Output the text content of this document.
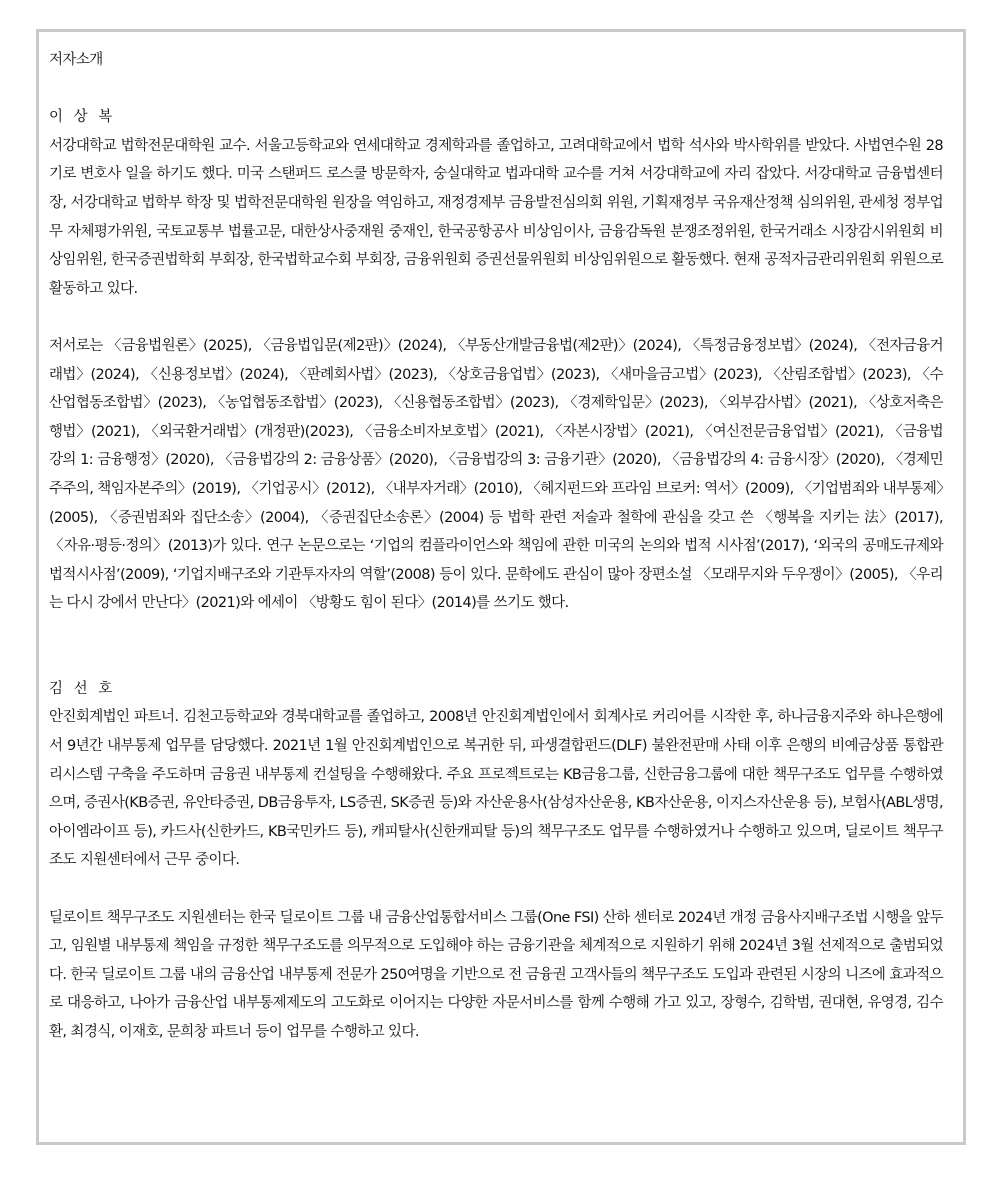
저자소개

이 상 복

서강대학교 법학전문대학원 교수. 서울고등학교와 연세대학교 경제학과를 졸업하고, 고려대학교에서 법학 석사와 박사학위를 받았다. 사법연수원 28기로 변호사 일을 하기도 했다. 미국 스탠퍼드 로스쿨 방문학자, 숭실대학교 법과대학 교수를 거쳐 서강대학교에 자리 잡았다. 서강대학교 금융법센터장, 서강대학교 법학부 학장 및 법학전문대학원 원장을 역임하고, 재정경제부 금융발전심의회 위원, 기획재정부 국유재산정책 심의위원, 관세청 정부업무 자체평가위원, 국토교통부 법률고문, 대한상사중재원 중재인, 한국공항공사 비상임이사, 금융감독원 분쟁조정위원, 한국거래소 시장감시위원회 비상임위원, 한국증권법학회 부회장, 한국법학교수회 부회장, 금융위원회 증권선물위원회 비상임위원으로 활동했다. 현재 공적자금관리위원회 위원으로 활동하고 있다.

저서로는 〈금융법원론〉(2025), 〈금융법입문(제2판)〉(2024), 〈부동산개발금융법(제2판)〉(2024), 〈특정금융정보법〉(2024), 〈전자금융거래법〉(2024), 〈신용정보법〉(2024), 〈판례회사법〉(2023), 〈상호금융업법〉(2023), 〈새마을금고법〉(2023), 〈산림조합법〉(2023), 〈수산업협동조합법〉(2023), 〈농업협동조합법〉(2023), 〈신용협동조합법〉(2023), 〈경제학입문〉(2023), 〈외부감사법〉(2021), 〈상호저축은행법〉(2021), 〈외국환거래법〉(개정판)(2023), 〈금융소비자보호법〉(2021), 〈자본시장법〉(2021), 〈여신전문금융업법〉(2021), 〈금융법강의 1: 금융행정〉(2020), 〈금융법강의 2: 금융상품〉(2020), 〈금융법강의 3: 금융기관〉(2020), 〈금융법강의 4: 금융시장〉(2020), 〈경제민주주의, 책임자본주의〉(2019), 〈기업공시〉(2012), 〈내부자거래〉(2010), 〈헤지펀드와 프라임 브로커: 역서〉(2009), 〈기업범죄와 내부통제〉(2005), 〈증권범죄와 집단소송〉(2004), 〈증권집단소송론〉(2004) 등 법학 관련 저술과 철학에 관심을 갖고 쓴 〈행복을 지키는 法〉(2017), 〈자유·평등·정의〉(2013)가 있다. 연구 논문으로는 ‘기업의 컴플라이언스와 책임에 관한 미국의 논의와 법적 시사점’(2017), ‘외국의 공매도규제와 법적시사점’(2009), ‘기업지배구조와 기관투자자의 역할’(2008) 등이 있다. 문학에도 관심이 많아 장편소설 〈모래무지와 두우쟁이〉(2005), 〈우리는 다시 강에서 만난다〉(2021)와 에세이 〈방황도 힘이 된다〉(2014)를 쓰기도 했다.

김 선 호

안진회계법인 파트너. 김천고등학교와 경북대학교를 졸업하고, 2008년 안진회계법인에서 회계사로 커리어를 시작한 후, 하나금융지주와 하나은행에서 9년간 내부통제 업무를 담당했다. 2021년 1월 안진회계법인으로 복귀한 뒤, 파생결합펀드(DLF) 불완전판매 사태 이후 은행의 비예금상품 통합관리시스템 구축을 주도하며 금융권 내부통제 컨설팅을 수행해왔다. 주요 프로젝트로는 KB금융그룹, 신한금융그룹에 대한 책무구조도 업무를 수행하였으며, 증권사(KB증권, 유안타증권, DB금융투자, LS증권, SK증권 등)와 자산운용사(삼성자산운용, KB자산운용, 이지스자산운용 등), 보험사(ABL생명, 아이엠라이프 등), 카드사(신한카드, KB국민카드 등), 캐피탈사(신한캐피탈 등)의 책무구조도 업무를 수행하였거나 수행하고 있으며, 딜로이트 책무구조도 지원센터에서 근무 중이다.

딜로이트 책무구조도 지원센터는 한국 딜로이트 그룹 내 금융산업통합서비스 그룹(One FSI) 산하 센터로 2024년 개정 금융사지배구조법 시행을 앞두고, 임원별 내부통제 책임을 규정한 책무구조도를 의무적으로 도입해야 하는 금융기관을 체계적으로 지원하기 위해 2024년 3월 선제적으로 출범되었다. 한국 딜로이트 그룹 내의 금융산업 내부통제 전문가 250여명을 기반으로 전 금융권 고객사들의 책무구조도 도입과 관련된 시장의 니즈에 효과적으로 대응하고, 나아가 금융산업 내부통제제도의 고도화로 이어지는 다양한 자문서비스를 함께 수행해 가고 있고, 장형수, 김학범, 권대현, 유영경, 김수환, 최경식, 이재호, 문희창 파트너 등이 업무를 수행하고 있다.
